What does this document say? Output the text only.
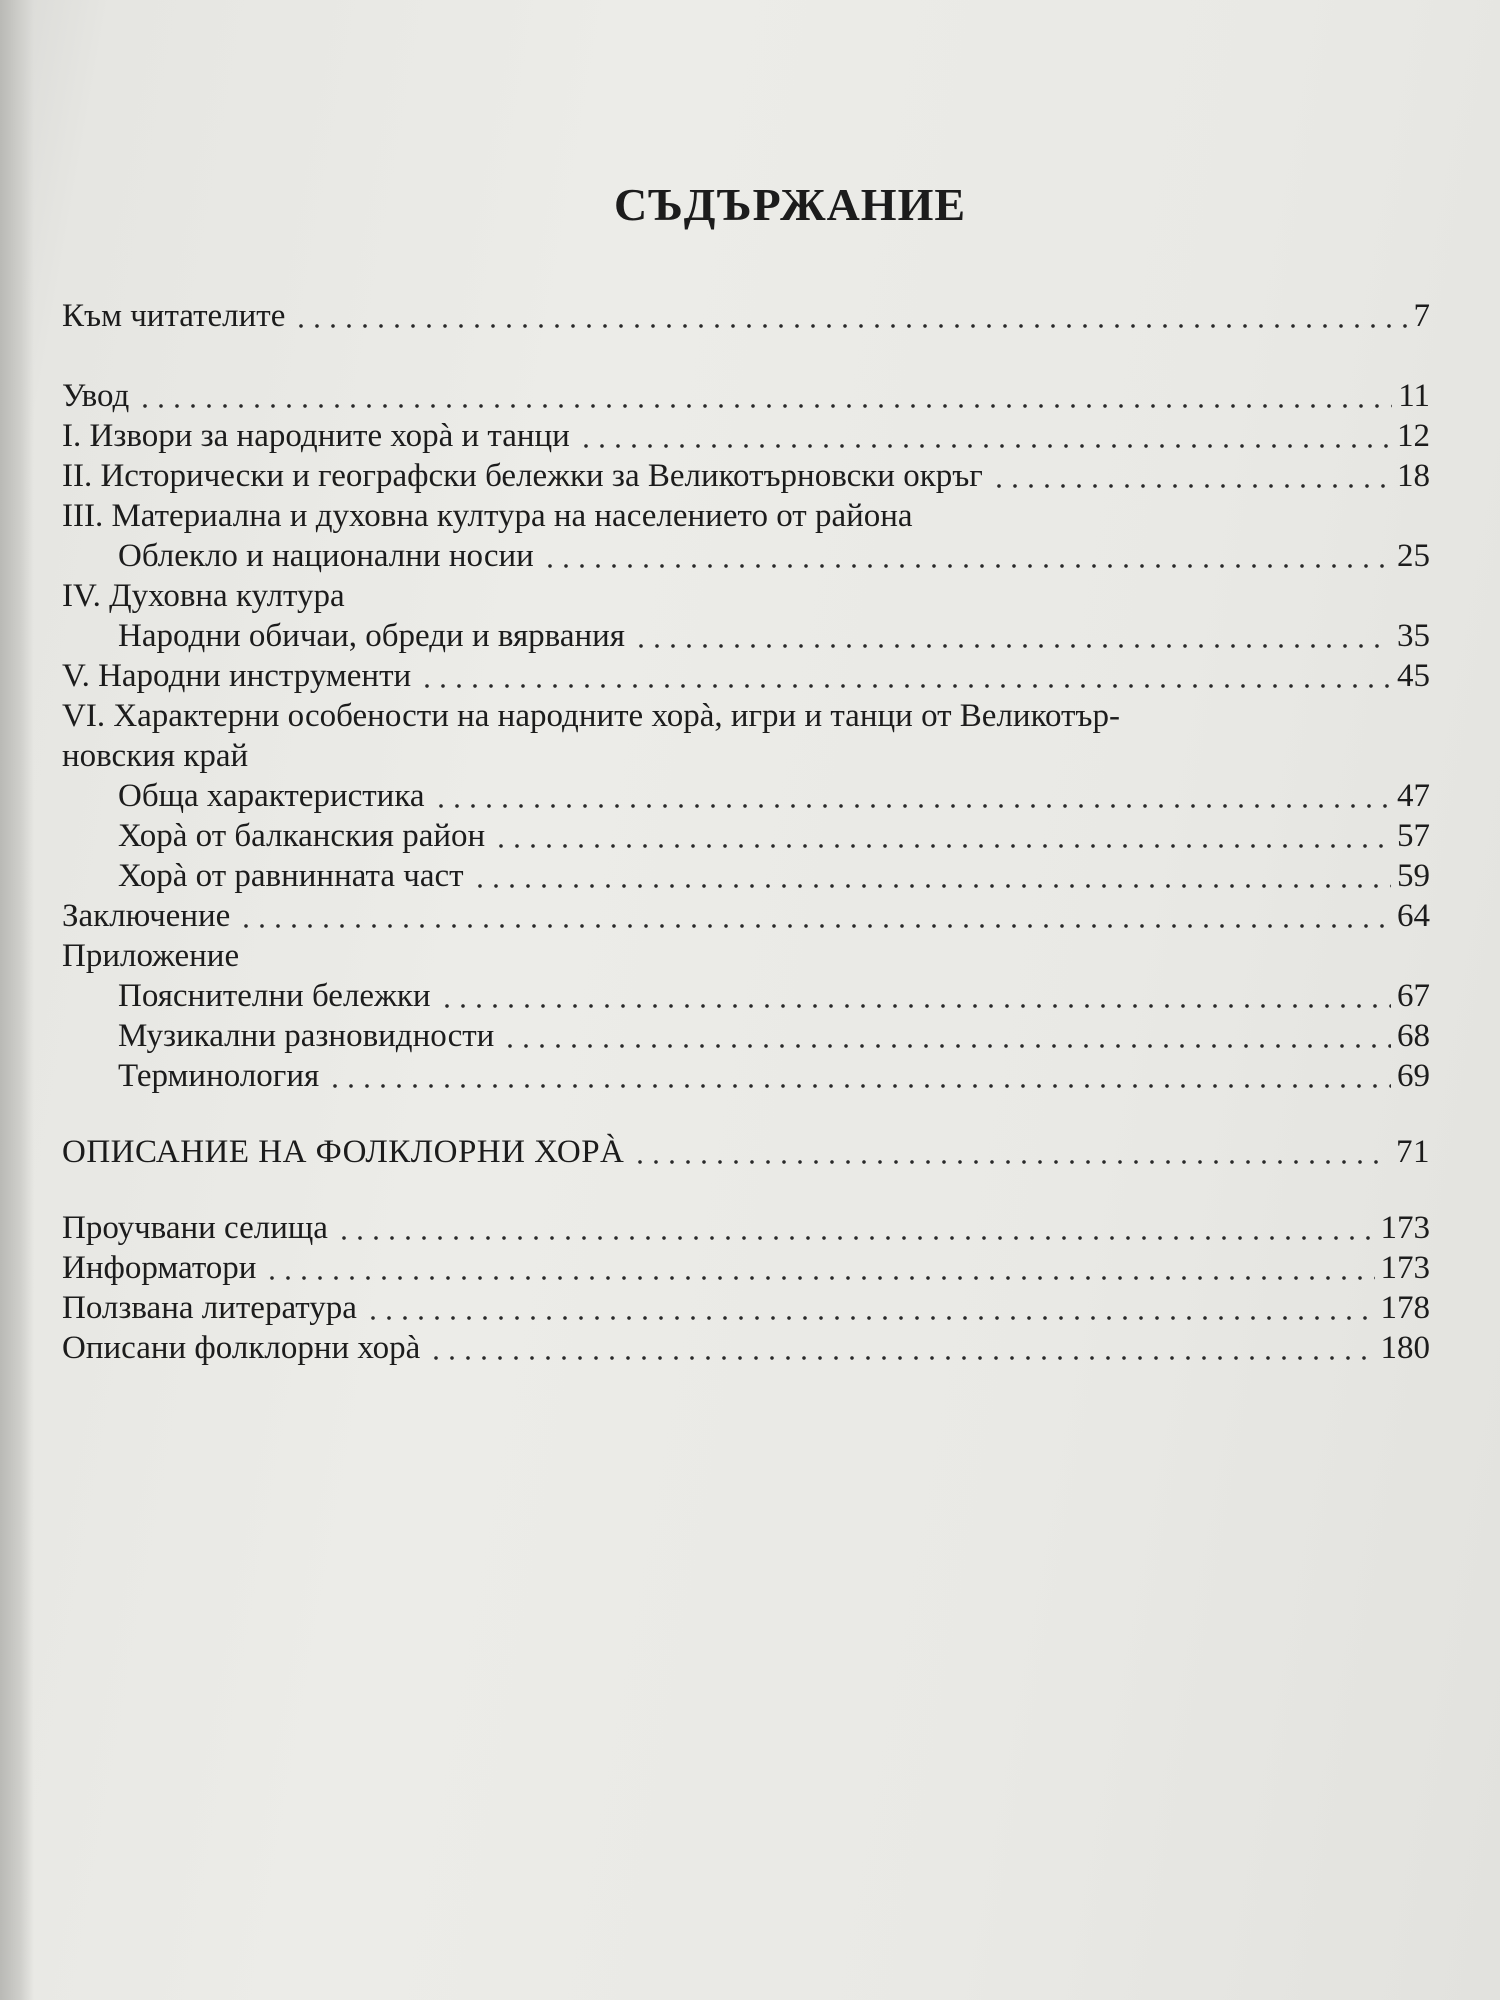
СЪДЪРЖАНИЕ
Към читателите	7
Увод	11
I. Извори за народните хорà и танци	12
II. Исторически и географски бележки за Великотърновски окръг	18
III. Материална и духовна култура на населението от района
Облекло и национални носии	25
IV. Духовна култура
Народни обичаи, обреди и вярвания	35
V. Народни инструменти	45
VI. Характерни особености на народните хорà, игри и танци от Великотър-
новския край
Обща характеристика	47
Хорà от балканския район	57
Хорà от равнинната част	59
Заключение	64
Приложение
Пояснителни бележки	67
Музикални разновидности	68
Терминология	69
ОПИСАНИЕ НА ФОЛКЛОРНИ ХОРÀ	71
Проучвани селища	173
Информатори	173
Ползвана литература	178
Описани фолклорни хорà	180
